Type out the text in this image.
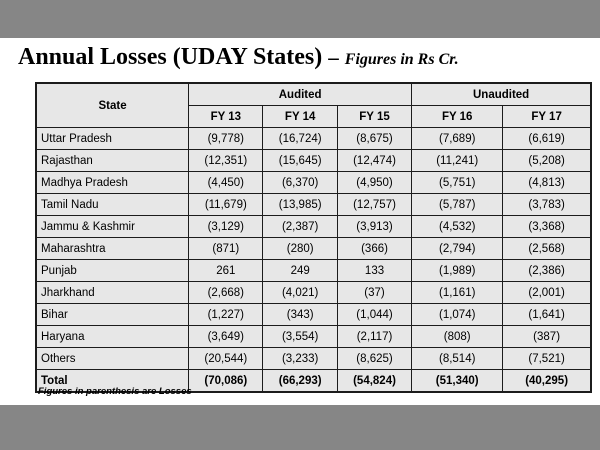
Annual Losses (UDAY States) – Figures in Rs Cr.
State	Audited			Unaudited	
	FY 13	FY 14	FY 15	FY 16	FY 17
Uttar Pradesh	(9,778)	(16,724)	(8,675)	(7,689)	(6,619)
Rajasthan	(12,351)	(15,645)	(12,474)	(11,241)	(5,208)
Madhya Pradesh	(4,450)	(6,370)	(4,950)	(5,751)	(4,813)
Tamil Nadu	(11,679)	(13,985)	(12,757)	(5,787)	(3,783)
Jammu & Kashmir	(3,129)	(2,387)	(3,913)	(4,532)	(3,368)
Maharashtra	(871)	(280)	(366)	(2,794)	(2,568)
Punjab	261	249	133	(1,989)	(2,386)
Jharkhand	(2,668)	(4,021)	(37)	(1,161)	(2,001)
Bihar	(1,227)	(343)	(1,044)	(1,074)	(1,641)
Haryana	(3,649)	(3,554)	(2,117)	(808)	(387)
Others	(20,544)	(3,233)	(8,625)	(8,514)	(7,521)
Total	(70,086)	(66,293)	(54,824)	(51,340)	(40,295)
Figures in parenthesis are Losses
